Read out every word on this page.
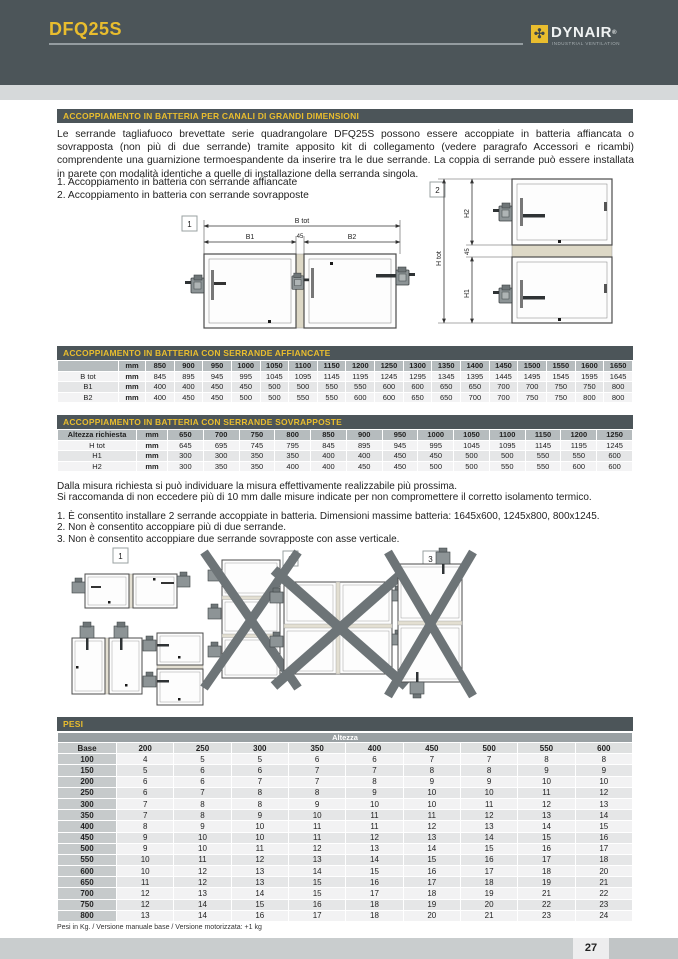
DFQ25S	✣ DYNAIR®
INDUSTRIAL VENTILATION
ACCOPPIAMENTO IN BATTERIA PER CANALI DI GRANDI DIMENSIONI
Le serrande tagliafuoco brevettate serie quadrangolare DFQ25S possono essere accoppiate in batteria affiancata o sovrapposta (non più di due serrande) tramite apposito kit di collegamento (vedere paragrafo Accessori e ricambi) comprendente una guarnizione termoespandente da inserire tra le due serrande. La coppia di serrande può essere installata in parete con modalità identiche a quelle di installazione della serranda singola.
1. Accoppiamento in batteria con serrande affiancate
2. Accoppiamento in batteria con serrande sovrapposte
1	B tot
B1	45	B2
2
H tot
H2
45
H1
ACCOPPIAMENTO IN BATTERIA CON SERRANDE AFFIANCATE
	mm	850	900	950	1000	1050	1100	1150	1200	1250	1300	1350	1400	1450	1500	1550	1600	1650
B tot	mm	845	895	945	995	1045	1095	1145	1195	1245	1295	1345	1395	1445	1495	1545	1595	1645
B1	mm	400	400	450	450	500	500	550	550	600	600	650	650	700	700	750	750	800
B2	mm	400	450	450	500	500	550	550	600	600	650	650	700	700	750	750	800	800
ACCOPPIAMENTO IN BATTERIA CON SERRANDE SOVRAPPOSTE
Altezza richiesta	mm	650	700	750	800	850	900	950	1000	1050	1100	1150	1200	1250
H tot	mm	645	695	745	795	845	895	945	995	1045	1095	1145	1195	1245
H1	mm	300	300	350	350	400	400	450	450	500	500	550	550	600
H2	mm	300	350	350	400	400	450	450	500	500	550	550	600	600
Dalla misura richiesta si può individuare la misura effettivamente realizzabile più prossima.
Si raccomanda di non eccedere più di 10 mm dalle misure indicate per non compromettere il corretto isolamento termico.
1. È consentito installare 2 serrande accoppiate in batteria. Dimensioni massime batteria: 1645x600, 1245x800, 800x1245.
2. Non è consentito accoppiare più di due serrande.
3. Non è consentito accoppiare due serrande sovrapposte con asse verticale.
1	3
PESI
Altezza									
Base	200	250	300	350	400	450	500	550	600
100	4	5	5	6	6	7	7	8	8
150	5	6	6	7	7	8	8	9	9
200	6	6	7	7	8	9	9	10	10
250	6	7	8	8	9	10	10	11	12
300	7	8	8	9	10	10	11	12	13
350	7	8	9	10	11	11	12	13	14
400	8	9	10	11	11	12	13	14	15
450	9	10	10	11	12	13	14	15	16
500	9	10	11	12	13	14	15	16	17
550	10	11	12	13	14	15	16	17	18
600	10	12	13	14	15	16	17	18	20
650	11	12	13	15	16	17	18	19	21
700	12	13	14	15	17	18	19	21	22
750	12	14	15	16	18	19	20	22	23
800	13	14	16	17	18	20	21	23	24
Pesi in Kg. / Versione manuale base / Versione motorizzata: +1 kg
27
